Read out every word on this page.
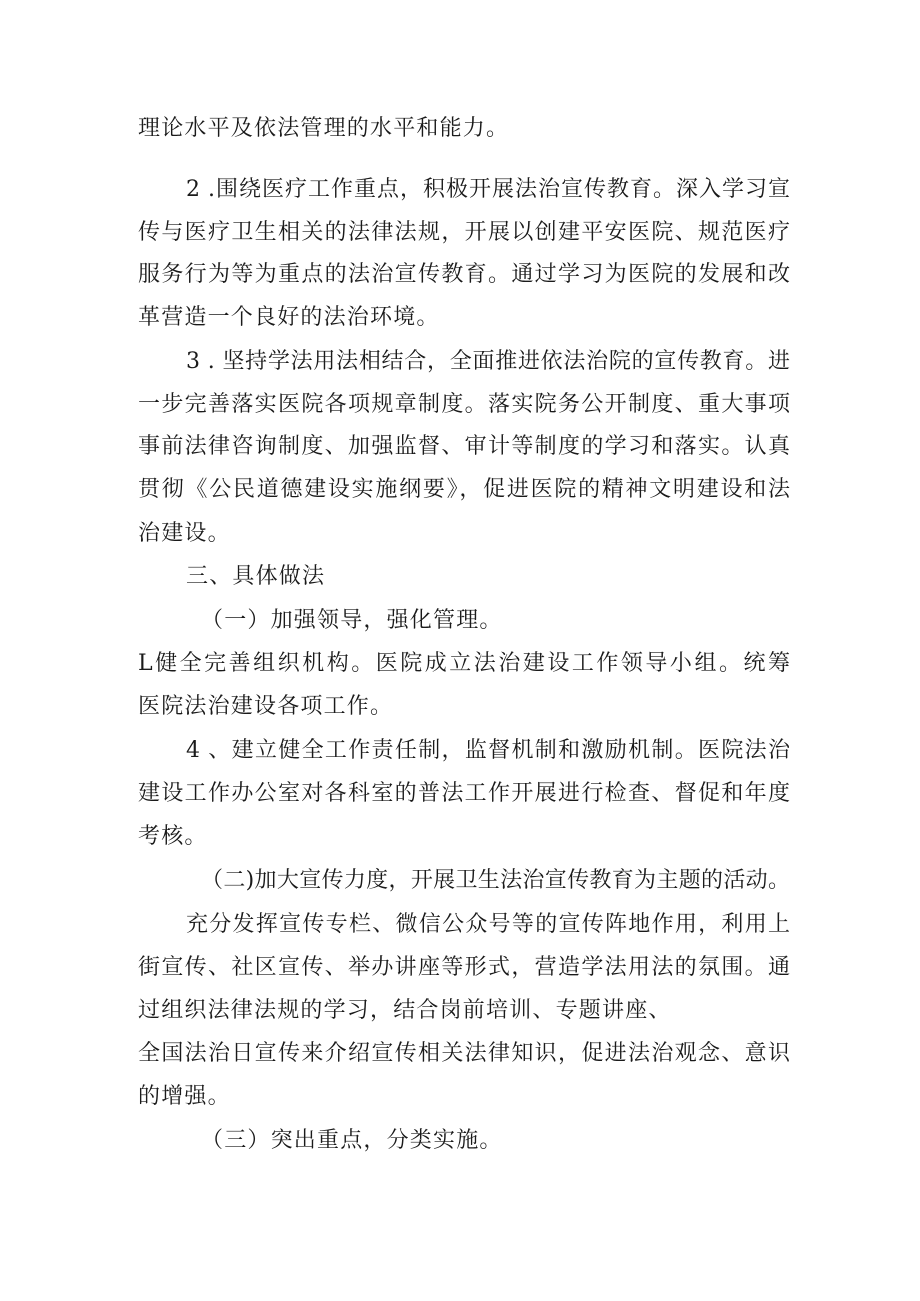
理论水平及依法管理的水平和能力。
2 .围绕医疗工作重点，积极开展法治宣传教育。深入学习宣
传与医疗卫生相关的法律法规，开展以创建平安医院、规范医疗
服务行为等为重点的法治宣传教育。通过学习为医院的发展和改
革营造一个良好的法治环境。
3 . 坚持学法用法相结合，全面推进依法治院的宣传教育。进
一步完善落实医院各项规章制度。落实院务公开制度、重大事项
事前法律咨询制度、加强监督、审计等制度的学习和落实。认真
贯彻《公民道德建设实施纲要》，促进医院的精神文明建设和法
治建设。
三、具体做法
（一）加强领导，强化管理。
L健全完善组织机构。医院成立法治建设工作领导小组。统筹
医院法治建设各项工作。
4 、建立健全工作责任制，监督机制和激励机制。医院法治
建设工作办公室对各科室的普法工作开展进行检查、督促和年度
考核。
（二)加大宣传力度，开展卫生法治宣传教育为主题的活动。
充分发挥宣传专栏、微信公众号等的宣传阵地作用，利用上
街宣传、社区宣传、举办讲座等形式，营造学法用法的氛围。通
过组织法律法规的学习，结合岗前培训、专题讲座、
全国法治日宣传来介绍宣传相关法律知识，促进法治观念、意识
的增强。
（三）突出重点，分类实施。
